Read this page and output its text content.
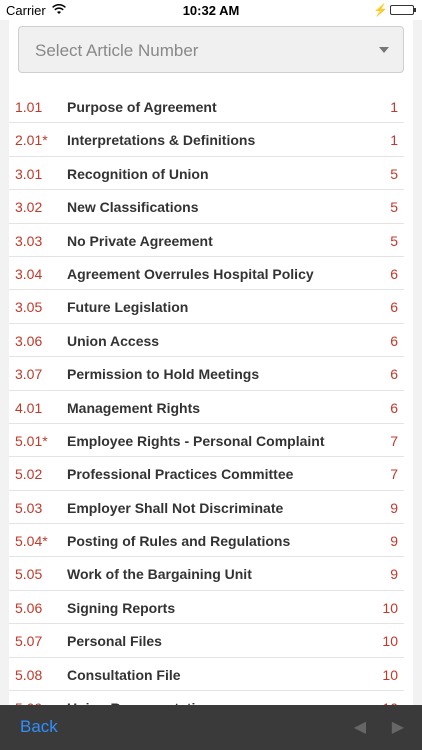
Carrier	10:32 AM	⚡
Select Article Number
1.01 Purpose of Agreement	1
2.01* Interpretations & Definitions	1
3.01 Recognition of Union	5
3.02 New Classifications	5
3.03 No Private Agreement	5
3.04 Agreement Overrules Hospital Policy	6
3.05 Future Legislation	6
3.06 Union Access	6
3.07 Permission to Hold Meetings	6
4.01 Management Rights	6
5.01* Employee Rights - Personal Complaint	7
5.02 Professional Practices Committee	7
5.03 Employer Shall Not Discriminate	9
5.04* Posting of Rules and Regulations	9
5.05 Work of the Bargaining Unit	9
5.06 Signing Reports	10
5.07 Personal Files	10
5.08 Consultation File	10
Back	◀ ▶
